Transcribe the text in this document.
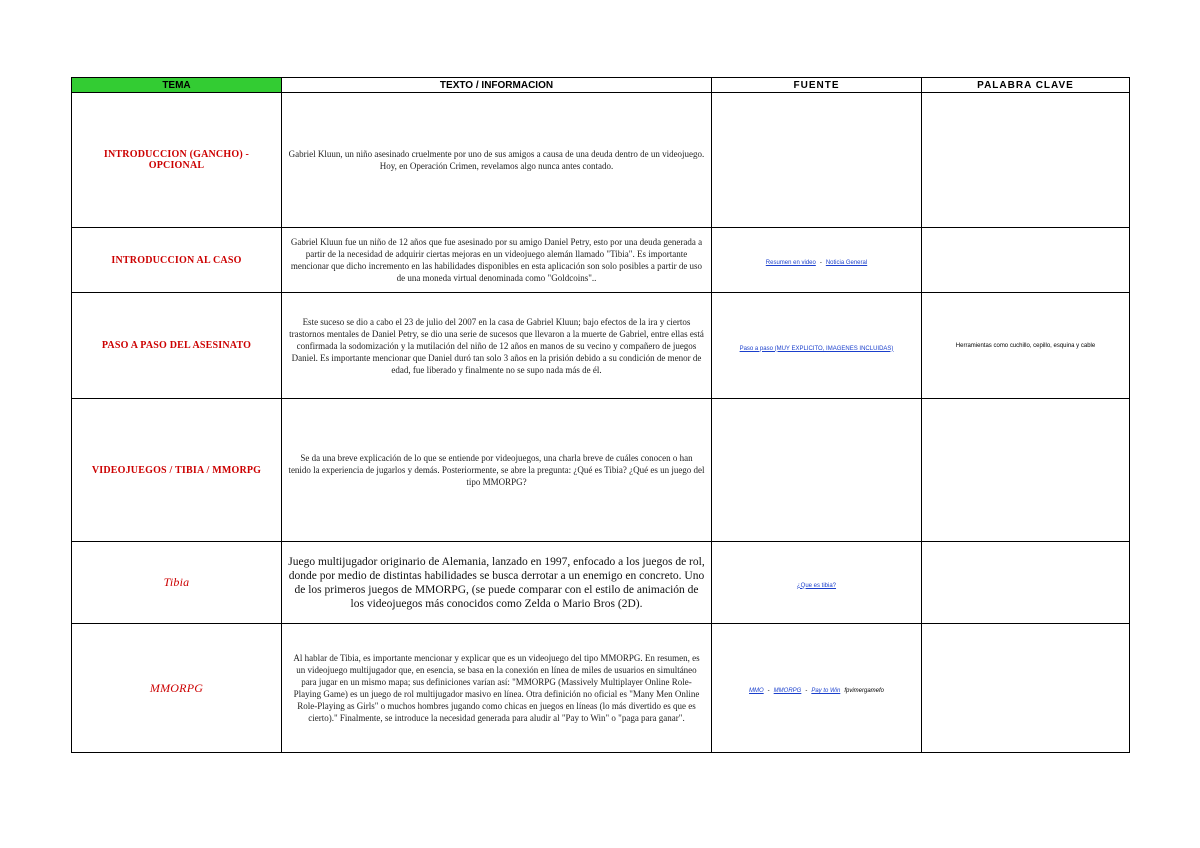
TEMA	TEXTO / INFORMACION	FUENTE	PALABRA CLAVE
INTRODUCCION (GANCHO) - OPCIONAL	Gabriel Kluun, un niño asesinado cruelmente por uno de sus amigos a causa de una deuda dentro de un videojuego. Hoy, en Operación Crimen, revelamos algo nunca antes contado.		
INTRODUCCION AL CASO	Gabriel Kluun fue un niño de 12 años que fue asesinado por su amigo Daniel Petry, esto por una deuda generada a partir de la necesidad de adquirir ciertas mejoras en un videojuego alemán llamado "Tibia". Es importante mencionar que dicho incremento en las habilidades disponibles en esta aplicación son solo posibles a partir de uso de una moneda virtual denominada como "Goldcoins"..	Resumen en video - Noticia General	
PASO A PASO DEL ASESINATO	Este suceso se dio a cabo el 23 de julio del 2007 en la casa de Gabriel Kluun; bajo efectos de la ira y ciertos trastornos mentales de Daniel Petry, se dio una serie de sucesos que llevaron a la muerte de Gabriel, entre ellas está confirmada la sodomización y la mutilación del niño de 12 años en manos de su vecino y compañero de juegos Daniel. Es importante mencionar que Daniel duró tan solo 3 años en la prisión debido a su condición de menor de edad, fue liberado y finalmente no se supo nada más de él.	Paso a paso (MUY EXPLICITO, IMAGENES INCLUIDAS)	Herramientas como cuchillo, cepillo, esquina y cable
VIDEOJUEGOS / TIBIA / MMORPG	Se da una breve explicación de lo que se entiende por videojuegos, una charla breve de cuáles conocen o han tenido la experiencia de jugarlos y demás. Posteriormente, se abre la pregunta: ¿Qué es Tibia? ¿Qué es un juego del tipo MMORPG?		
Tibia	Juego multijugador originario de Alemania, lanzado en 1997, enfocado a los juegos de rol, donde por medio de distintas habilidades se busca derrotar a un enemigo en concreto. Uno de los primeros juegos de MMORPG, (se puede comparar con el estilo de animación de los videojuegos más conocidos como Zelda o Mario Bros (2D).	¿Que es tibia?	
MMORPG	Al hablar de Tibia, es importante mencionar y explicar que es un videojuego del tipo MMORPG. En resumen, es un videojuego multijugador que, en esencia, se basa en la conexión en línea de miles de usuarios en simultáneo para jugar en un mismo mapa; sus definiciones varían así: "MMORPG (Massively Multiplayer Online Role-Playing Game) es un juego de rol multijugador masivo en línea. Otra definición no oficial es "Many Men Online Role-Playing as Girls" o muchos hombres jugando como chicas en juegos en líneas (lo más divertido es que es cierto)." Finalmente, se introduce la necesidad generada para aludir al "Pay to Win" o "paga para ganar".	MMO - MMORPG - Pay to Win fpvimergamefo	
